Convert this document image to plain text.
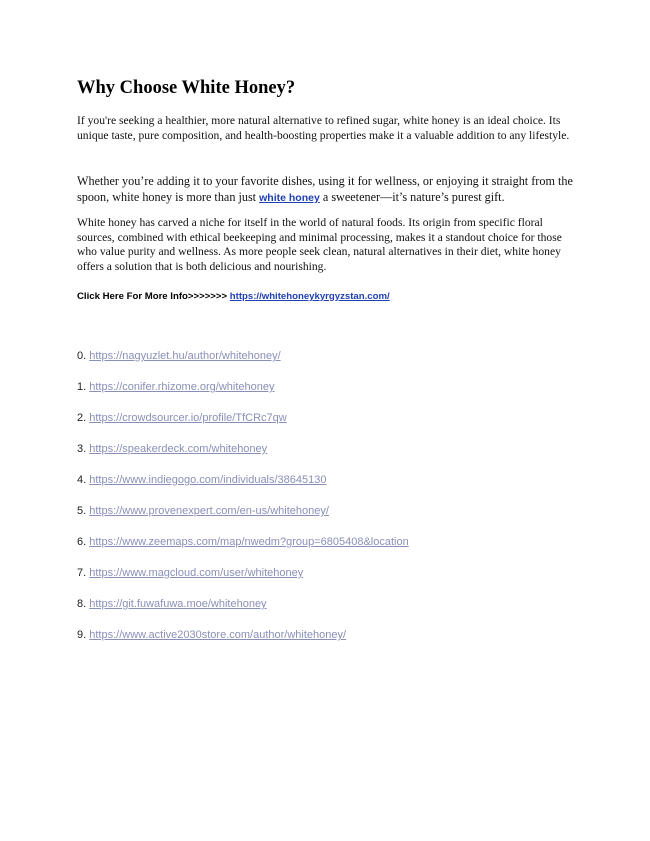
Why Choose White Honey?

If you're seeking a healthier, more natural alternative to refined sugar, white honey is an ideal choice. Its unique taste, pure composition, and health-boosting properties make it a valuable addition to any lifestyle.

Whether you’re adding it to your favorite dishes, using it for wellness, or enjoying it straight from the spoon, white honey is more than just white honey a sweetener—it’s nature’s purest gift.

White honey has carved a niche for itself in the world of natural foods. Its origin from specific floral sources, combined with ethical beekeeping and minimal processing, makes it a standout choice for those who value purity and wellness. As more people seek clean, natural alternatives in their diet, white honey offers a solution that is both delicious and nourishing.

Click Here For More Info>>>>>>> https://whitehoneykyrgyzstan.com/

0. https://nagyuzlet.hu/author/whitehoney/
1. https://conifer.rhizome.org/whitehoney
2. https://crowdsourcer.io/profile/TfCRc7qw
3. https://speakerdeck.com/whitehoney
4. https://www.indiegogo.com/individuals/38645130
5. https://www.provenexpert.com/en-us/whitehoney/
6. https://www.zeemaps.com/map/nwedm?group=6805408&location
7. https://www.magcloud.com/user/whitehoney
8. https://git.fuwafuwa.moe/whitehoney
9. https://www.active2030store.com/author/whitehoney/
